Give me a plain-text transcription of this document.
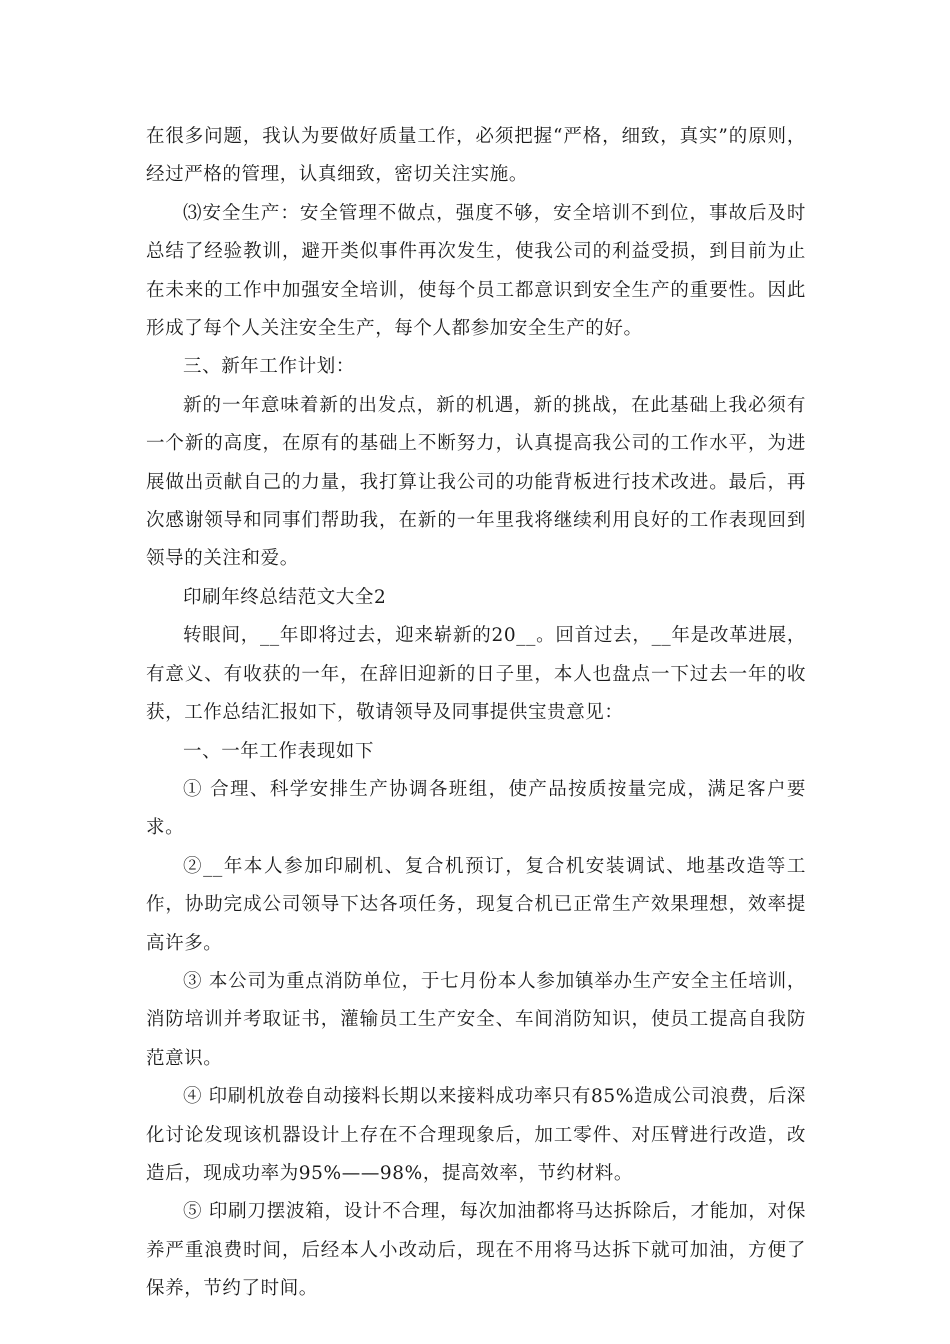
在很多问题，我认为要做好质量工作，必须把握“严格，细致，真实”的原则，经过严格的管理，认真细致，密切关注实施。

⑶安全生产：安全管理不做点，强度不够，安全培训不到位，事故后及时总结了经验教训，避开类似事件再次发生，使我公司的利益受损，到目前为止在未来的工作中加强安全培训，使每个员工都意识到安全生产的重要性。因此形成了每个人关注安全生产，每个人都参加安全生产的好。

三、新年工作计划：

新的一年意味着新的出发点，新的机遇，新的挑战，在此基础上我必须有一个新的高度，在原有的基础上不断努力，认真提高我公司的工作水平，为进展做出贡献自己的力量，我打算让我公司的功能背板进行技术改进。最后，再次感谢领导和同事们帮助我，在新的一年里我将继续利用良好的工作表现回到领导的关注和爱。

印刷年终总结范文大全2

转眼间，__年即将过去，迎来崭新的20__。回首过去，__年是改革进展，有意义、有收获的一年，在辞旧迎新的日子里，本人也盘点一下过去一年的收获，工作总结汇报如下，敬请领导及同事提供宝贵意见：

一、一年工作表现如下

① 合理、科学安排生产协调各班组，使产品按质按量完成，满足客户要求。

②__年本人参加印刷机、复合机预订，复合机安装调试、地基改造等工作，协助完成公司领导下达各项任务，现复合机已正常生产效果理想，效率提高许多。

③ 本公司为重点消防单位，于七月份本人参加镇举办生产安全主任培训，消防培训并考取证书，灌输员工生产安全、车间消防知识，使员工提高自我防范意识。

④ 印刷机放卷自动接料长期以来接料成功率只有85%造成公司浪费，后深化讨论发现该机器设计上存在不合理现象后，加工零件、对压臂进行改造，改造后，现成功率为95%——98%，提高效率，节约材料。

⑤ 印刷刀摆波箱，设计不合理，每次加油都将马达拆除后，才能加，对保养严重浪费时间，后经本人小改动后，现在不用将马达拆下就可加油，方便了保养，节约了时间。
